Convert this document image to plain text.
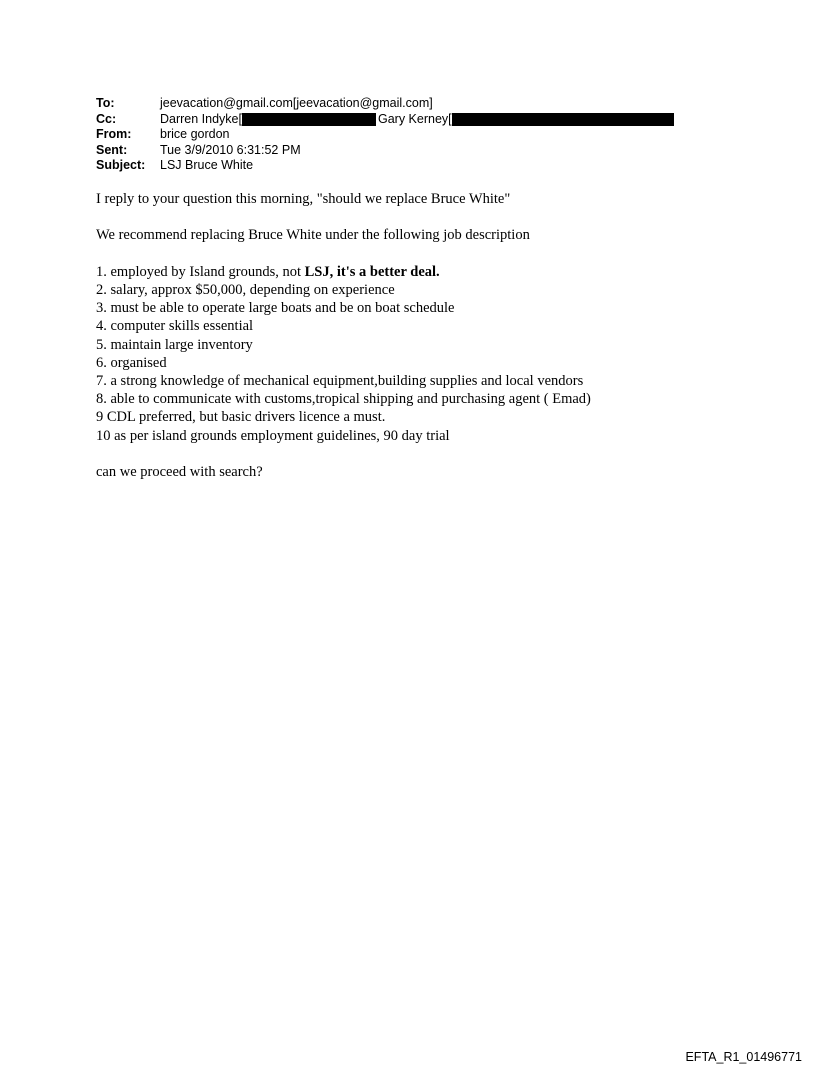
To:	jeevacation@gmail.com[jeevacation@gmail.com]
Cc:	Darren Indyke[	Gary Kerney[
From:	brice gordon
Sent:	Tue 3/9/2010 6:31:52 PM
Subject:	LSJ Bruce White

I reply to your question this morning, "should we replace Bruce White"

We recommend replacing Bruce White under the following job description

1. employed by Island grounds, not LSJ, it's a better deal.
2. salary, approx $50,000, depending on experience
3. must be able to operate large boats and be on boat schedule
4. computer skills essential
5. maintain large inventory
6. organised
7. a strong knowledge of mechanical equipment,building supplies and local vendors
8. able to communicate with customs,tropical shipping and purchasing agent ( Emad)
9 CDL preferred, but basic drivers licence a must.
10 as per island grounds employment guidelines, 90 day trial

can we proceed with search?

EFTA_R1_01496771
